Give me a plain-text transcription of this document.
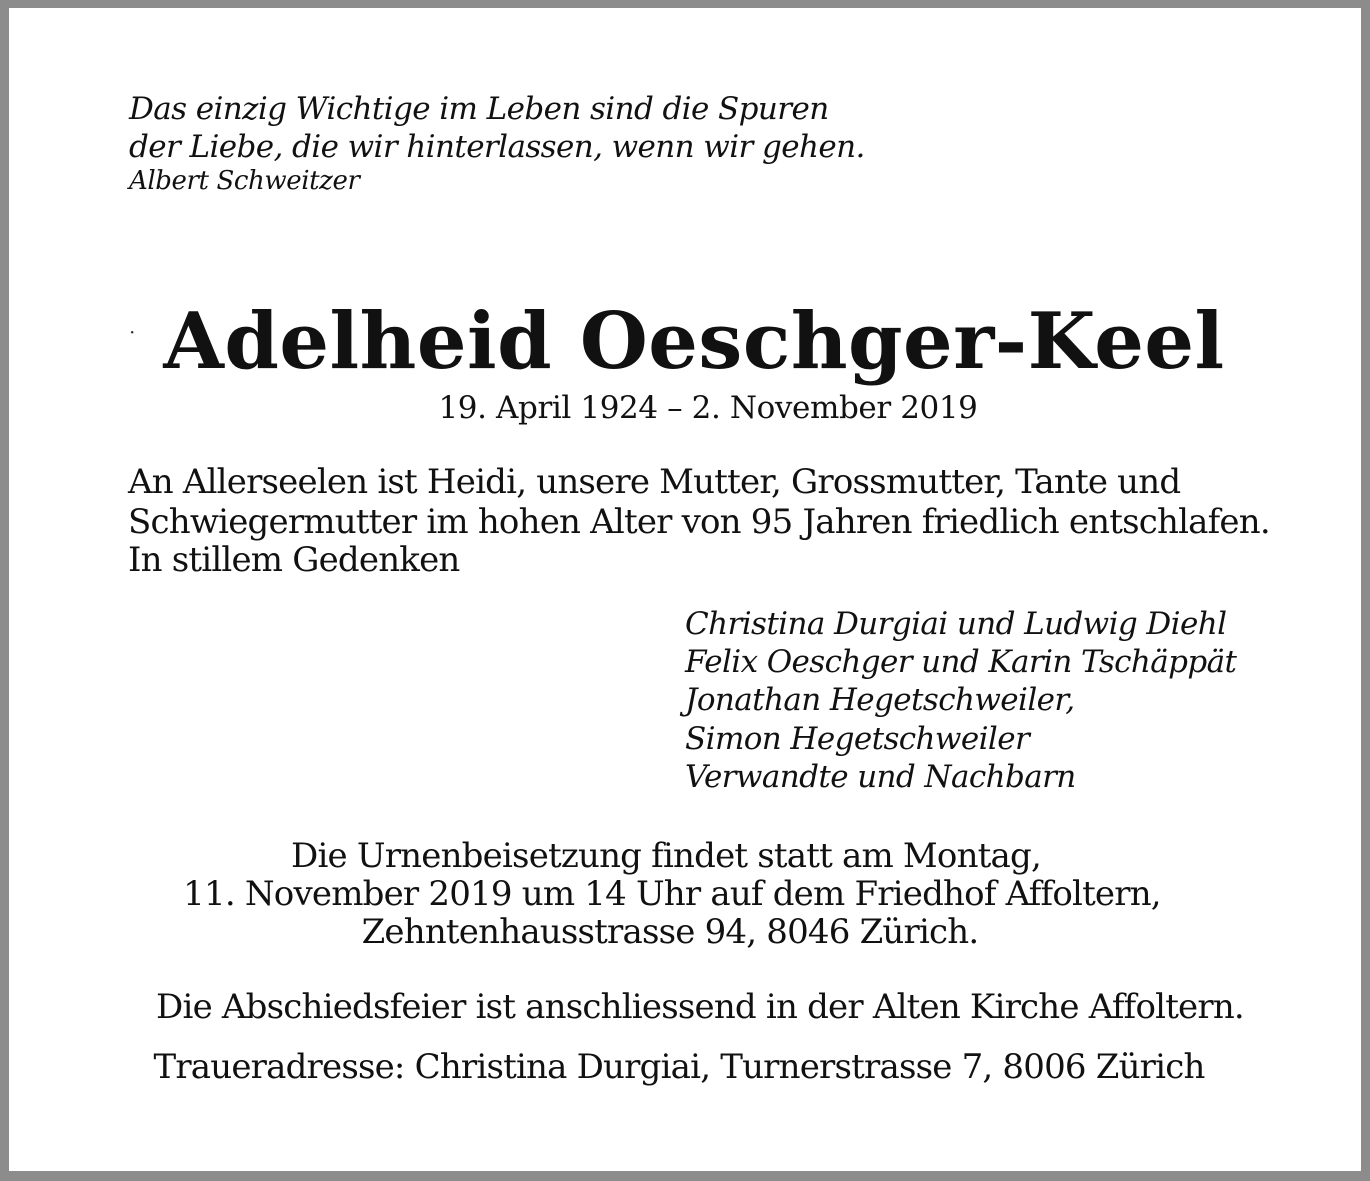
Das einzig Wichtige im Leben sind die Spuren
der Liebe, die wir hinterlassen, wenn wir gehen.
Albert Schweitzer
· Adelheid Oeschger-Keel
19. April 1924 – 2. November 2019
An Allerseelen ist Heidi, unsere Mutter, Grossmutter, Tante und
Schwiegermutter im hohen Alter von 95 Jahren friedlich entschlafen.
In stillem Gedenken
Christina Durgiai und Ludwig Diehl
Felix Oeschger und Karin Tschäppät
Jonathan Hegetschweiler,
Simon Hegetschweiler
Verwandte und Nachbarn
Die Urnenbeisetzung findet statt am Montag,
11. November 2019 um 14 Uhr auf dem Friedhof Affoltern,
Zehntenhausstrasse 94, 8046 Zürich.
Die Abschiedsfeier ist anschliessend in der Alten Kirche Affoltern.
Traueradresse: Christina Durgiai, Turnerstrasse 7, 8006 Zürich
